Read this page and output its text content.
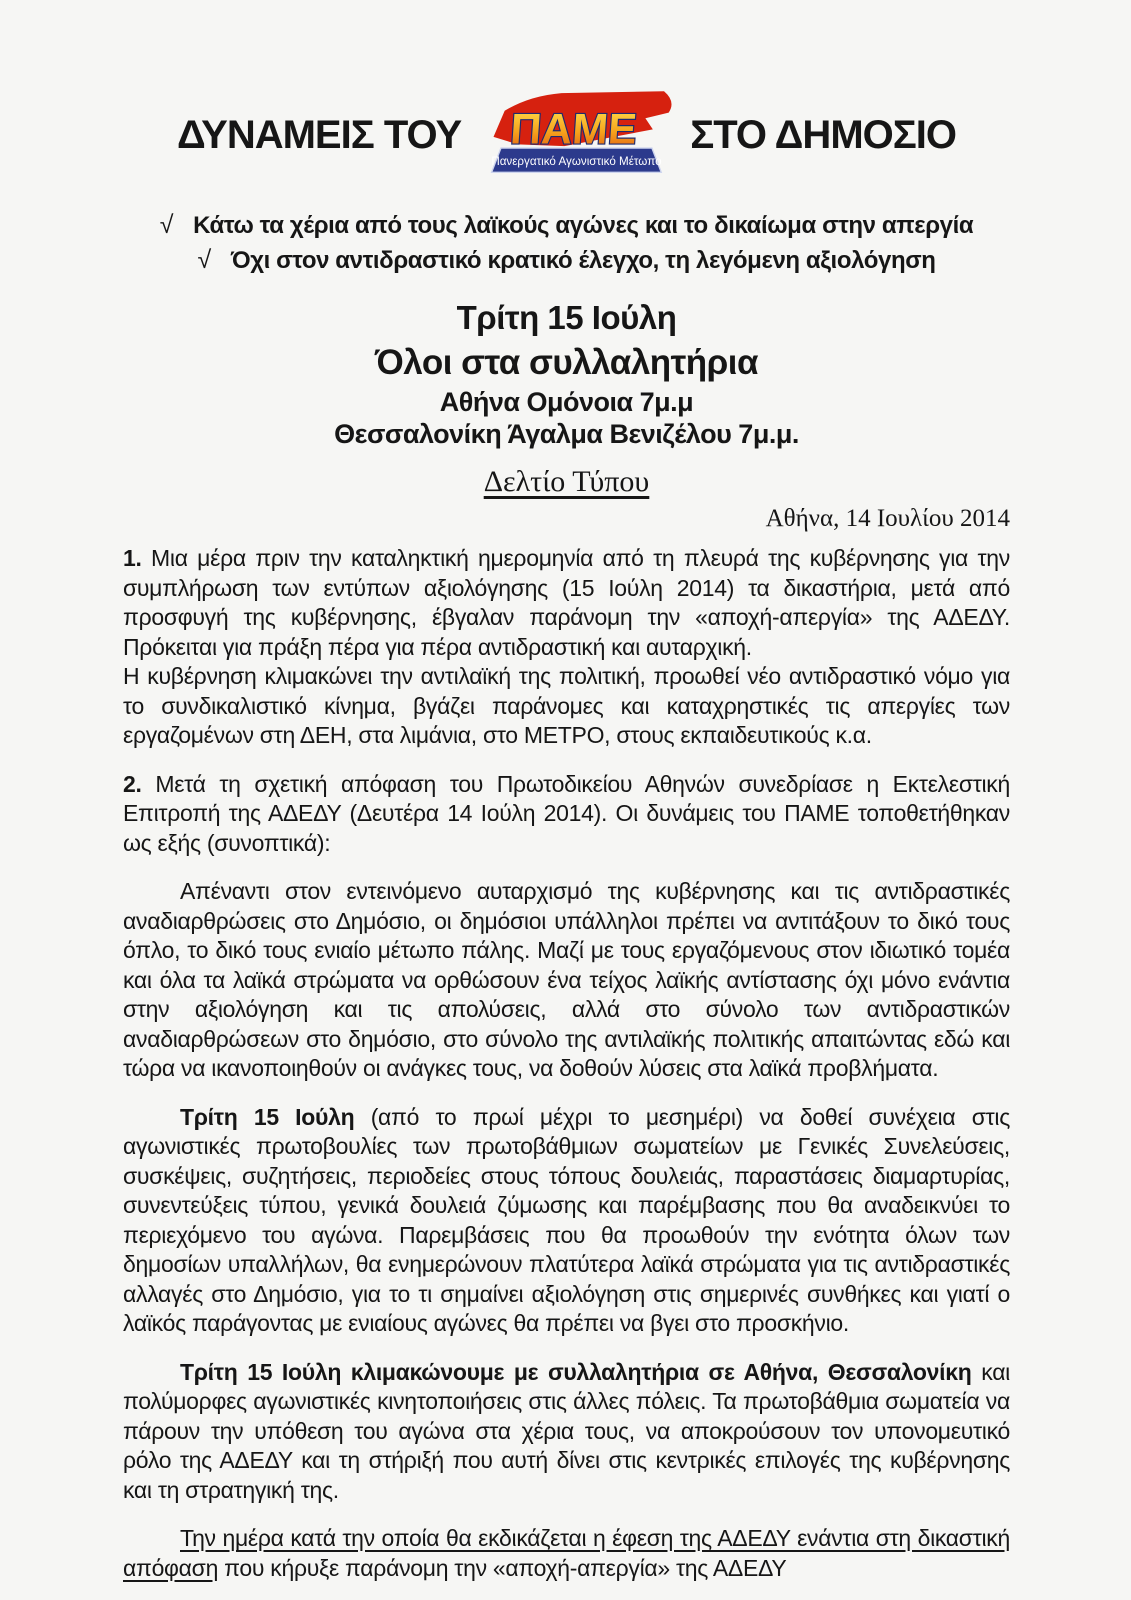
ΔΥΝΑΜΕΙΣ ΤΟΥ
Πανεργατικό Αγωνιστικό Μέτωπο
ΠΑΜΕ ΣΤΟ ΔΗΜΟΣΙΟ
√ Κάτω τα χέρια από τους λαϊκούς αγώνες και το δικαίωμα στην απεργία
√ Όχι στον αντιδραστικό κρατικό έλεγχο, τη λεγόμενη αξιολόγηση
Τρίτη 15 Ιούλη
Όλοι στα συλλαλητήρια
Αθήνα Ομόνοια 7μ.μ
Θεσσαλονίκη Άγαλμα Βενιζέλου 7μ.μ.
Δελτίο Τύπου
Αθήνα, 14 Ιουλίου 2014

1. Μια μέρα πριν την καταληκτική ημερομηνία από τη πλευρά της κυβέρνησης για την συμπλήρωση των εντύπων αξιολόγησης (15 Ιούλη 2014) τα δικαστήρια, μετά από προσφυγή της κυβέρνησης, έβγαλαν παράνομη την «αποχή-απεργία» της ΑΔΕΔΥ. Πρόκειται για πράξη πέρα για πέρα αντιδραστική και αυταρχική.
Η κυβέρνηση κλιμακώνει την αντιλαϊκή της πολιτική, προωθεί νέο αντιδραστικό νόμο για το συνδικαλιστικό κίνημα, βγάζει παράνομες και καταχρηστικές τις απεργίες των εργαζομένων στη ΔΕΗ, στα λιμάνια, στο ΜΕΤΡΟ, στους εκπαιδευτικούς κ.α.

2. Μετά τη σχετική απόφαση του Πρωτοδικείου Αθηνών συνεδρίασε η Εκτελεστική Επιτροπή της ΑΔΕΔΥ (Δευτέρα 14 Ιούλη 2014). Οι δυνάμεις του ΠΑΜΕ τοποθετήθηκαν ως εξής (συνοπτικά):

Απέναντι στον εντεινόμενο αυταρχισμό της κυβέρνησης και τις αντιδραστικές αναδιαρθρώσεις στο Δημόσιο, οι δημόσιοι υπάλληλοι πρέπει να αντιτάξουν το δικό τους όπλο, το δικό τους ενιαίο μέτωπο πάλης. Μαζί με τους εργαζόμενους στον ιδιωτικό τομέα και όλα τα λαϊκά στρώματα να ορθώσουν ένα τείχος λαϊκής αντίστασης όχι μόνο ενάντια στην αξιολόγηση και τις απολύσεις, αλλά στο σύνολο των αντιδραστικών αναδιαρθρώσεων στο δημόσιο, στο σύνολο της αντιλαϊκής πολιτικής απαιτώντας εδώ και τώρα να ικανοποιηθούν οι ανάγκες τους, να δοθούν λύσεις στα λαϊκά προβλήματα.

Τρίτη 15 Ιούλη (από το πρωί μέχρι το μεσημέρι) να δοθεί συνέχεια στις αγωνιστικές πρωτοβουλίες των πρωτοβάθμιων σωματείων με Γενικές Συνελεύσεις, συσκέψεις, συζητήσεις, περιοδείες στους τόπους δουλειάς, παραστάσεις διαμαρτυρίας, συνεντεύξεις τύπου, γενικά δουλειά ζύμωσης και παρέμβασης που θα αναδεικνύει το περιεχόμενο του αγώνα. Παρεμβάσεις που θα προωθούν την ενότητα όλων των δημοσίων υπαλλήλων, θα ενημερώνουν πλατύτερα λαϊκά στρώματα για τις αντιδραστικές αλλαγές στο Δημόσιο, για το τι σημαίνει αξιολόγηση στις σημερινές συνθήκες και γιατί ο λαϊκός παράγοντας με ενιαίους αγώνες θα πρέπει να βγει στο προσκήνιο.

Τρίτη 15 Ιούλη κλιμακώνουμε με συλλαλητήρια σε Αθήνα, Θεσσαλονίκη και πολύμορφες αγωνιστικές κινητοποιήσεις στις άλλες πόλεις. Τα πρωτοβάθμια σωματεία να πάρουν την υπόθεση του αγώνα στα χέρια τους, να αποκρούσουν τον υπονομευτικό ρόλο της ΑΔΕΔΥ και τη στήριξή που αυτή δίνει στις κεντρικές επιλογές της κυβέρνησης και τη στρατηγική της.

Την ημέρα κατά την οποία θα εκδικάζεται η έφεση της ΑΔΕΔΥ ενάντια στη δικαστική απόφαση που κήρυξε παράνομη την «αποχή-απεργία» της ΑΔΕΔΥ
